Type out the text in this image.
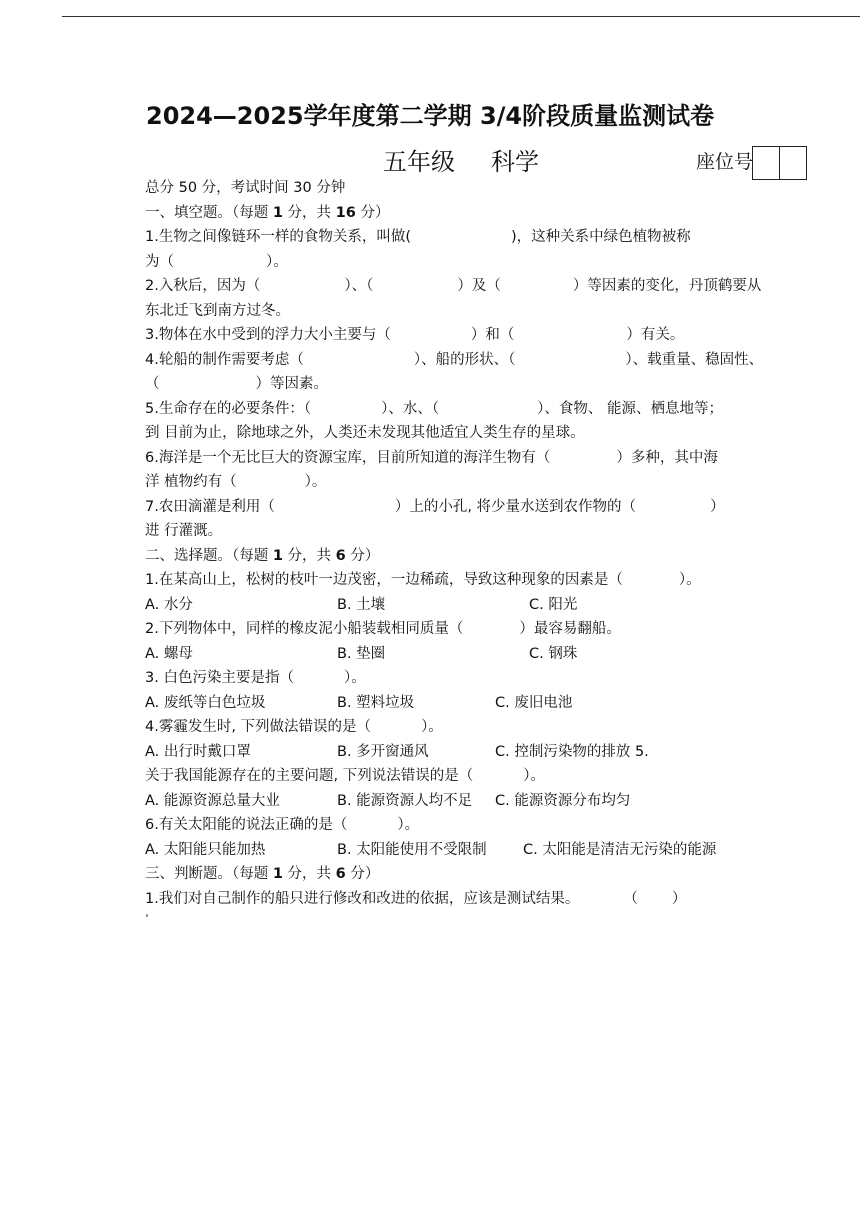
2024—2025学年度第二学期 3/4阶段质量监测试卷
五年级 科学	座位号
总分 50 分，考试时间 30 分钟
一、填空题。（每题 1 分，共 16 分）
1.生物之间像链环一样的食物关系，叫做(	)，这种关系中绿色植物被称
为（	）。
2.入秋后，因为（	）、（	）及（	）等因素的变化，丹顶鹤要从
东北迁飞到南方过冬。
3.物体在水中受到的浮力大小主要与（	）和（	）有关。
4.轮船的制作需要考虑（	）、船的形状、（	）、载重量、稳固性、
（	）等因素。
5.生命存在的必要条件：（	）、水、（	）、食物、 能源、栖息地等；
到 目前为止，除地球之外，人类还未发现其他适宜人类生存的星球。
6.海洋是一个无比巨大的资源宝库，目前所知道的海洋生物有（	）多种，其中海
洋 植物约有（	）。
7.农田滴灌是利用（	）上的小孔, 将少量水送到农作物的（	）
进 行灌溉。
二、选择题。（每题 1 分，共 6 分）
1.在某高山上，松树的枝叶一边茂密，一边稀疏，导致这种现象的因素是（	）。
A. 水分	B. 土壤	C. 阳光
2.下列物体中，同样的橡皮泥小船装载相同质量（	）最容易翻船。
A. 螺母	B. 垫圈	C. 钢珠
3. 白色污染主要是指（	）。
A. 废纸等白色垃圾	B. 塑料垃圾	C. 废旧电池
4.雾霾发生时, 下列做法错误的是（	）。
A. 出行时戴口罩	B. 多开窗通风	C. 控制污染物的排放 5.
关于我国能源存在的主要问题, 下列说法错误的是（	）。
A. 能源资源总量大业	B. 能源资源人均不足	C. 能源资源分布均匀
6.有关太阳能的说法正确的是（	）。
A. 太阳能只能加热	B. 太阳能使用不受限制	C. 太阳能是清洁无污染的能源
三、判断题。（每题 1 分，共 6 分）
1.我们对自己制作的船只进行修改和改进的依据，应该是测试结果。	（ ）
